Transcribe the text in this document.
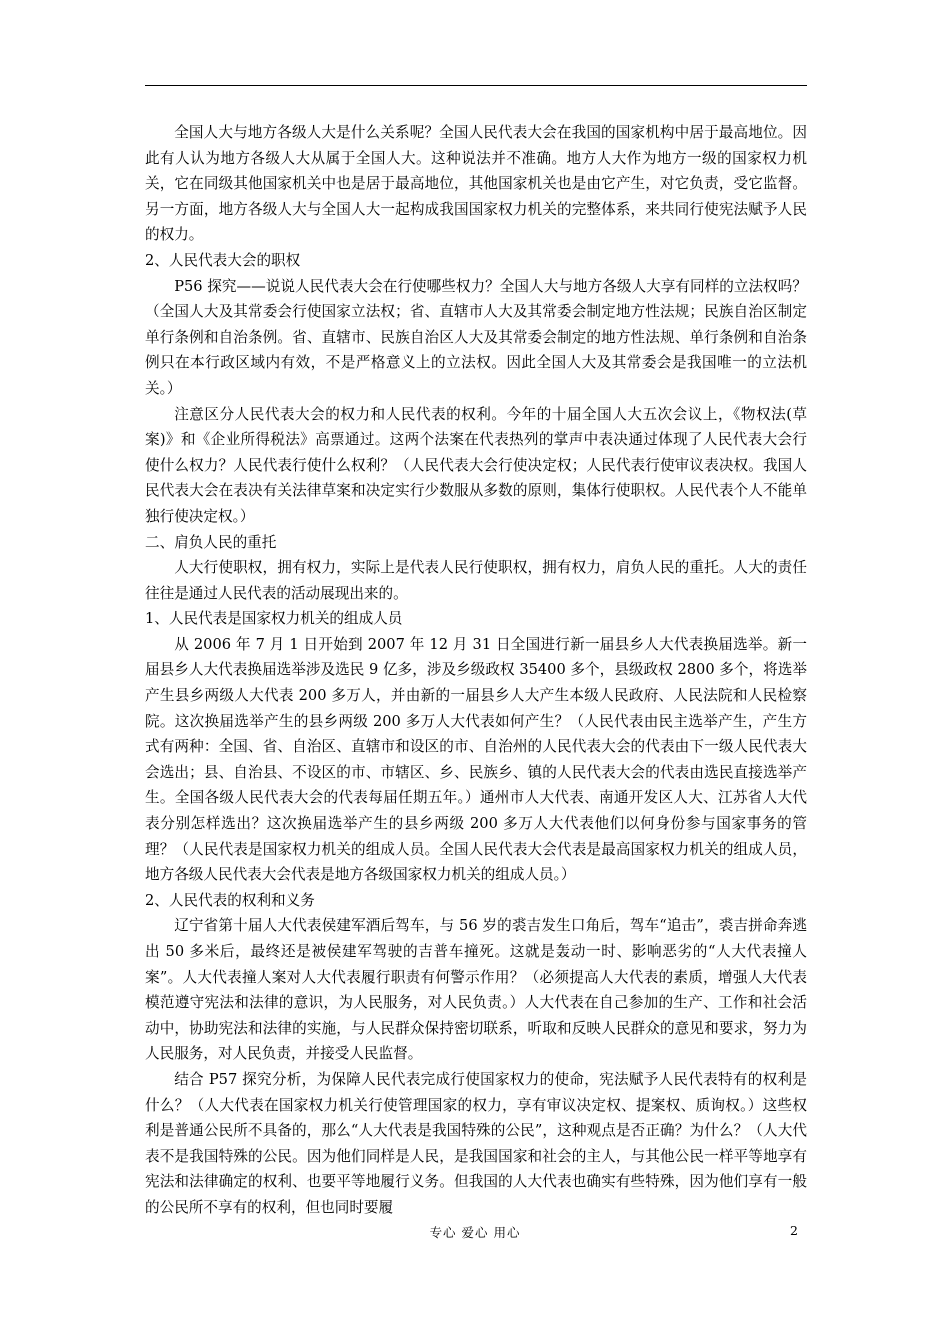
全国人大与地方各级人大是什么关系呢？全国人民代表大会在我国的国家机构中居于最高地位。因此有人认为地方各级人大从属于全国人大。这种说法并不准确。地方人大作为地方一级的国家权力机关，它在同级其他国家机关中也是居于最高地位，其他国家机关也是由它产生，对它负责，受它监督。另一方面，地方各级人大与全国人大一起构成我国国家权力机关的完整体系，来共同行使宪法赋予人民的权力。

2、人民代表大会的职权

P56 探究——说说人民代表大会在行使哪些权力？全国人大与地方各级人大享有同样的立法权吗？（全国人大及其常委会行使国家立法权；省、直辖市人大及其常委会制定地方性法规；民族自治区制定单行条例和自治条例。省、直辖市、民族自治区人大及其常委会制定的地方性法规、单行条例和自治条例只在本行政区域内有效，不是严格意义上的立法权。因此全国人大及其常委会是我国唯一的立法机关。）

注意区分人民代表大会的权力和人民代表的权利。今年的十届全国人大五次会议上，《物权法(草案)》和《企业所得税法》高票通过。这两个法案在代表热列的掌声中表决通过体现了人民代表大会行使什么权力？人民代表行使什么权利？（人民代表大会行使决定权；人民代表行使审议表决权。我国人民代表大会在表决有关法律草案和决定实行少数服从多数的原则，集体行使职权。人民代表个人不能单独行使决定权。）

二、肩负人民的重托

人大行使职权，拥有权力，实际上是代表人民行使职权，拥有权力，肩负人民的重托。人大的责任往往是通过人民代表的活动展现出来的。

1、人民代表是国家权力机关的组成人员

从 2006 年 7 月 1 日开始到 2007 年 12 月 31 日全国进行新一届县乡人大代表换届选举。新一届县乡人大代表换届选举涉及选民 9 亿多，涉及乡级政权 35400 多个，县级政权 2800 多个，将选举产生县乡两级人大代表 200 多万人，并由新的一届县乡人大产生本级人民政府、人民法院和人民检察院。这次换届选举产生的县乡两级 200 多万人大代表如何产生？（人民代表由民主选举产生，产生方式有两种：全国、省、自治区、直辖市和设区的市、自治州的人民代表大会的代表由下一级人民代表大会选出；县、自治县、不设区的市、市辖区、乡、民族乡、镇的人民代表大会的代表由选民直接选举产生。全国各级人民代表大会的代表每届任期五年。）通州市人大代表、南通开发区人大、江苏省人大代表分别怎样选出？这次换届选举产生的县乡两级 200 多万人大代表他们以何身份参与国家事务的管理？（人民代表是国家权力机关的组成人员。全国人民代表大会代表是最高国家权力机关的组成人员，地方各级人民代表大会代表是地方各级国家权力机关的组成人员。）

2、人民代表的权利和义务

辽宁省第十届人大代表侯建军酒后驾车，与 56 岁的裘吉发生口角后，驾车“追击”，裘吉拼命奔逃出 50 多米后，最终还是被侯建军驾驶的吉普车撞死。这就是轰动一时、影响恶劣的“人大代表撞人案”。人大代表撞人案对人大代表履行职责有何警示作用？（必须提高人大代表的素质，增强人大代表模范遵守宪法和法律的意识，为人民服务，对人民负责。）人大代表在自己参加的生产、工作和社会活动中，协助宪法和法律的实施，与人民群众保持密切联系，听取和反映人民群众的意见和要求，努力为人民服务，对人民负责，并接受人民监督。

结合 P57 探究分析，为保障人民代表完成行使国家权力的使命，宪法赋予人民代表特有的权利是什么？（人大代表在国家权力机关行使管理国家的权力，享有审议决定权、提案权、质询权。）这些权利是普通公民所不具备的，那么“人大代表是我国特殊的公民”，这种观点是否正确？为什么？（人大代表不是我国特殊的公民。因为他们同样是人民，是我国国家和社会的主人，与其他公民一样平等地享有宪法和法律确定的权利、也要平等地履行义务。但我国的人大代表也确实有些特殊，因为他们享有一般的公民所不享有的权利，但也同时要履

专心 爱心 用心	2
